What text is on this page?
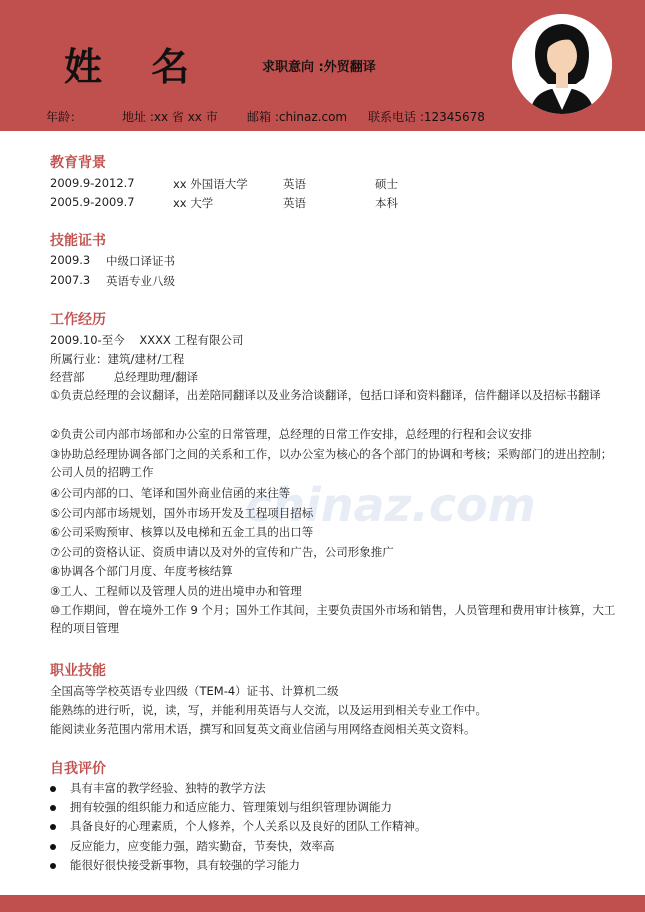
姓 名	求职意向 :外贸翻译
年龄：	地址 :xx 省 xx 市 邮箱 :chinaz.com 联系电话 :12345678
chinaz.com
教育背景
2009.9-2012.7	xx 外国语大学	英语	硕士
2005.9-2009.7	xx 大学	英语	本科
技能证书
2009.3 中级口译证书
2007.3 英语专业八级
工作经历
2009.10-至今    XXXX 工程有限公司
所属行业：建筑/建材/工程
经营部        总经理助理/翻译
①负责总经理的会议翻译，出差陪同翻译以及业务洽谈翻译，包括口译和资料翻译，信件翻译以及招标书翻译
②负责公司内部市场部和办公室的日常管理，总经理的日常工作安排，总经理的行程和会议安排
③协助总经理协调各部门之间的关系和工作，以办公室为核心的各个部门的协调和考核；采购部门的进出控制；公司人员的招聘工作
④公司内部的口、笔译和国外商业信函的来往等
⑤公司内部市场规划，国外市场开发及工程项目招标
⑥公司采购预审、核算以及电梯和五金工具的出口等
⑦公司的资格认证、资质申请以及对外的宣传和广告，公司形象推广
⑧协调各个部门月度、年度考核结算
⑨工人、工程师以及管理人员的进出境申办和管理
⑩工作期间，曾在境外工作 9 个月；国外工作其间，主要负责国外市场和销售，人员管理和费用审计核算，大工程的项目管理
职业技能
全国高等学校英语专业四级（TEM-4）证书、计算机二级
能熟练的进行听，说，读，写，并能利用英语与人交流，以及运用到相关专业工作中。
能阅读业务范围内常用术语，撰写和回复英文商业信函与用网络查阅相关英文资料。
自我评价
具有丰富的教学经验、独特的教学方法
拥有较强的组织能力和适应能力、管理策划与组织管理协调能力
具备良好的心理素质，个人修养，个人关系以及良好的团队工作精神。
反应能力，应变能力强，踏实勤奋，节奏快，效率高
能很好很快接受新事物，具有较强的学习能力
